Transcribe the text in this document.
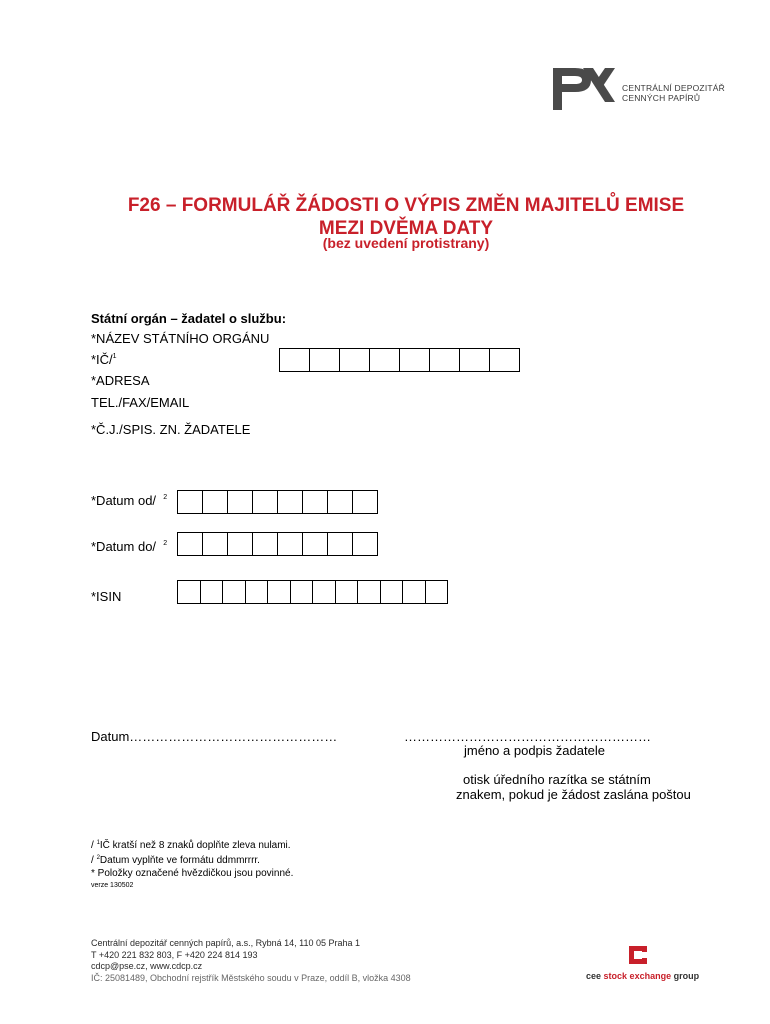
CENTRÁLNÍ DEPOZITÁŘ
CENNÝCH PAPÍRŮ
F26 – FORMULÁŘ ŽÁDOSTI O VÝPIS ZMĚN MAJITELŮ EMISE
MEZI DVĚMA DATY
(bez uvedení protistrany)
Státní orgán – žadatel o službu:
*NÁZEV STÁTNÍHO ORGÁNU
*IČ/$^1$
*ADRESA
TEL./FAX/EMAIL
*Č.J./SPIS. ZN. ŽADATELE
*Datum od/ $^2$
*Datum do/ $^2$
*ISIN
Datum…………………………………………	…………………………………………………
jméno a podpis žadatele
otisk úředního razítka se státním
znakem, pokud je žádost zaslána poštou
/ $^1$IČ kratší než 8 znaků doplňte zleva nulami.
/ $^2$Datum vyplňte ve formátu ddmmrrrr.
* Položky označené hvězdičkou jsou povinné.
verze 130502
Centrální depozitář cenných papírů, a.s., Rybná 14, 110 05 Praha 1
T +420 221 832 803, F +420 224 814 193
cdcp@pse.cz, www.cdcp.cz
IČ: 25081489, Obchodní rejstřík Městského soudu v Praze, oddíl B, vložka 4308	cee stock exchange group
